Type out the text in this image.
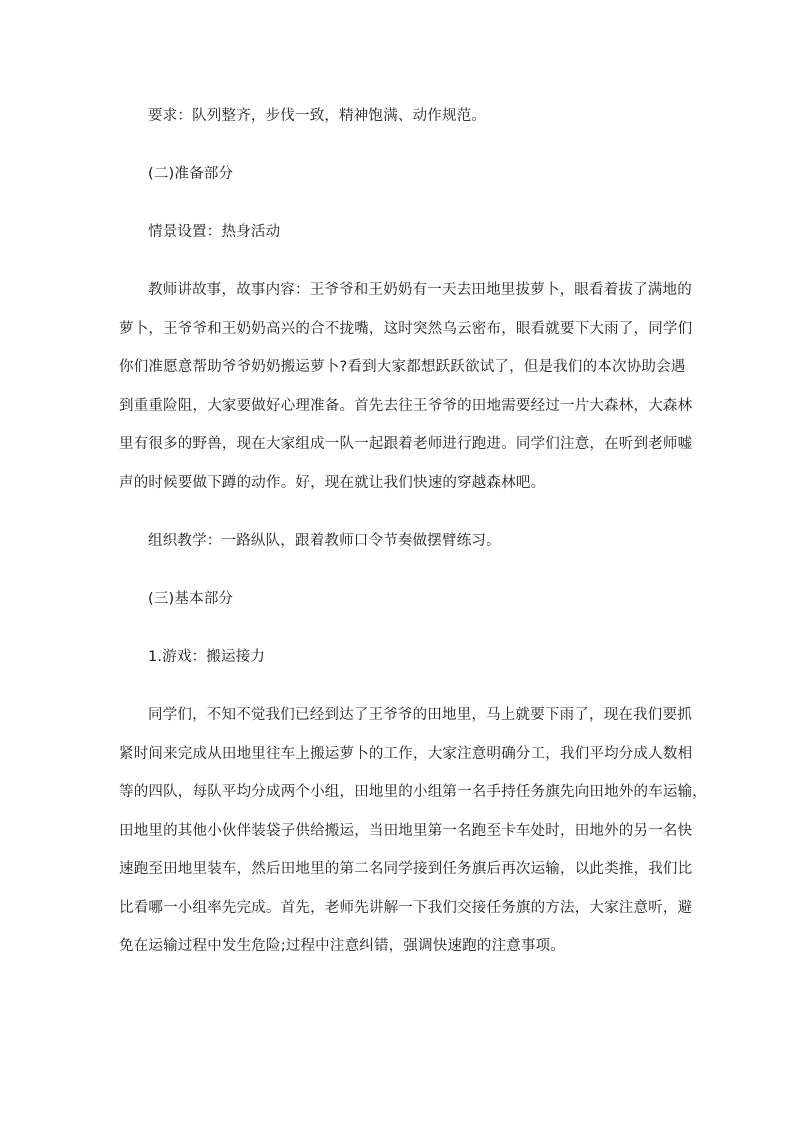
要求：队列整齐，步伐一致，精神饱满、动作规范。
(二)准备部分
情景设置：热身活动
教师讲故事，故事内容：王爷爷和王奶奶有一天去田地里拔萝卜，眼看着拔了满地的
萝卜，王爷爷和王奶奶高兴的合不拢嘴，这时突然乌云密布，眼看就要下大雨了，同学们
你们准愿意帮助爷爷奶奶搬运萝卜?看到大家都想跃跃欲试了，但是我们的本次协助会遇
到重重险阻，大家要做好心理准备。首先去往王爷爷的田地需要经过一片大森林，大森林
里有很多的野兽，现在大家组成一队一起跟着老师进行跑进。同学们注意，在听到老师嘘
声的时候要做下蹲的动作。好，现在就让我们快速的穿越森林吧。
组织教学：一路纵队，跟着教师口令节奏做摆臂练习。
(三)基本部分
1.游戏：搬运接力
同学们，不知不觉我们已经到达了王爷爷的田地里，马上就要下雨了，现在我们要抓
紧时间来完成从田地里往车上搬运萝卜的工作，大家注意明确分工，我们平均分成人数相
等的四队，每队平均分成两个小组，田地里的小组第一名手持任务旗先向田地外的车运输，
田地里的其他小伙伴装袋子供给搬运，当田地里第一名跑至卡车处时，田地外的另一名快
速跑至田地里装车，然后田地里的第二名同学接到任务旗后再次运输，以此类推，我们比
比看哪一小组率先完成。首先，老师先讲解一下我们交接任务旗的方法，大家注意听，避
免在运输过程中发生危险;过程中注意纠错，强调快速跑的注意事项。
